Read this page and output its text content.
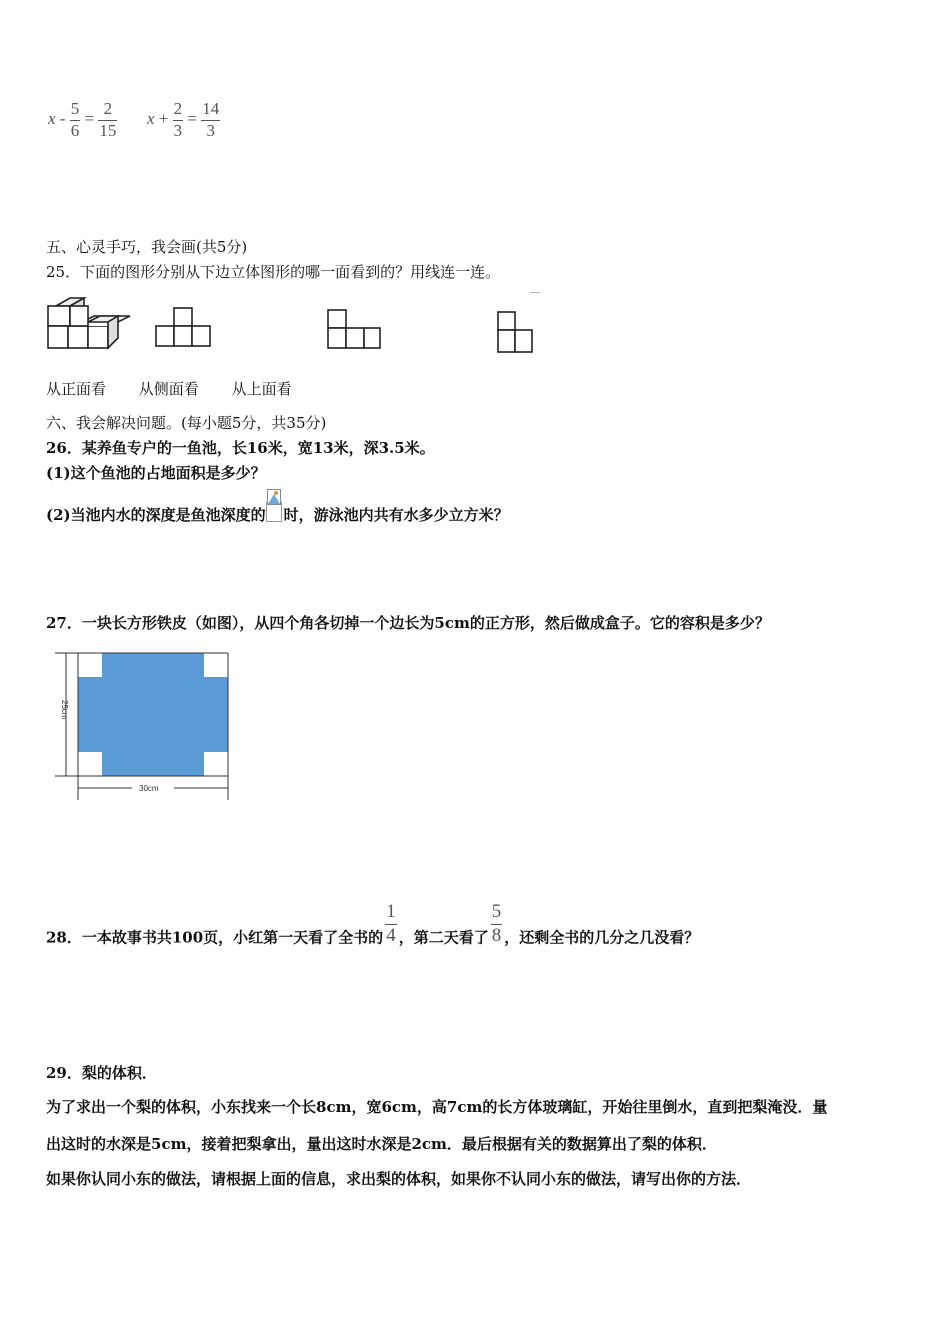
$x - \frac{5}{6} = \frac{2}{15}$ $x + \frac{2}{3} = \frac{14}{3}$
五、心灵手巧，我会画(共5分)
25．下面的图形分别从下边立体图形的哪一面看到的？用线连一连。
从正面看 从侧面看 从上面看
六、我会解决问题。(每小题5分，共35分)
26．某养鱼专户的一鱼池，长16米，宽13米，深3.5米。
(1)这个鱼池的占地面积是多少？
(2)当池内水的深度是鱼池深度的 时，游泳池内共有水多少立方米？
27．一块长方形铁皮（如图），从四个角各切掉一个边长为5cm的正方形，然后做成盒子。它的容积是多少？
25cm
30cm
28．一本故事书共100页，小红第一天看了全书的 $\frac{1}{4}$ ，第二天看了 $\frac{5}{8}$ ，还剩全书的几分之几没看？
29．梨的体积．
为了求出一个梨的体积，小东找来一个长8cm，宽6cm，高7cm的长方体玻璃缸，开始往里倒水，直到把梨淹没．量
出这时的水深是5cm，接着把梨拿出，量出这时水深是2cm．最后根据有关的数据算出了梨的体积．
如果你认同小东的做法，请根据上面的信息，求出梨的体积，如果你不认同小东的做法，请写出你的方法．
